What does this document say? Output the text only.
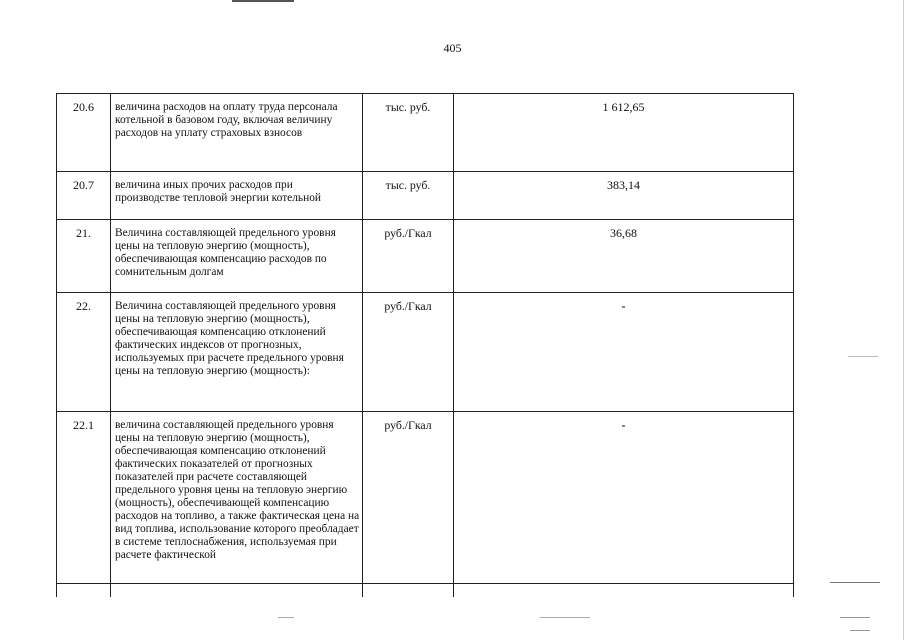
405
20.6	величина расходов на оплату труда персонала котельной в базовом году, включая величину расходов на уплату страховых взносов	тыс. руб.	1 612,65
20.7	величина иных прочих расходов при производстве тепловой энергии котельной	тыс. руб.	383,14
21.	Величина составляющей предельного уровня цены на тепловую энергию (мощность), обеспечивающая компенсацию расходов по сомнительным долгам	руб./Гкал	36,68
22.	Величина составляющей предельного уровня цены на тепловую энергию (мощность), обеспечивающая компенсацию отклонений фактических индексов от прогнозных, используемых при расчете предельного уровня цены на тепловую энергию (мощность):	руб./Гкал	-
22.1	величина составляющей предельного уровня цены на тепловую энергию (мощность), обеспечивающая компенсацию отклонений фактических показателей от прогнозных показателей при расчете составляющей предельного уровня цены на тепловую энергию (мощность), обеспечивающей компенсацию расходов на топливо, а также фактическая цена на вид топлива, использование которого преобладает в системе теплоснабжения, используемая при расчете фактической	руб./Гкал	-
